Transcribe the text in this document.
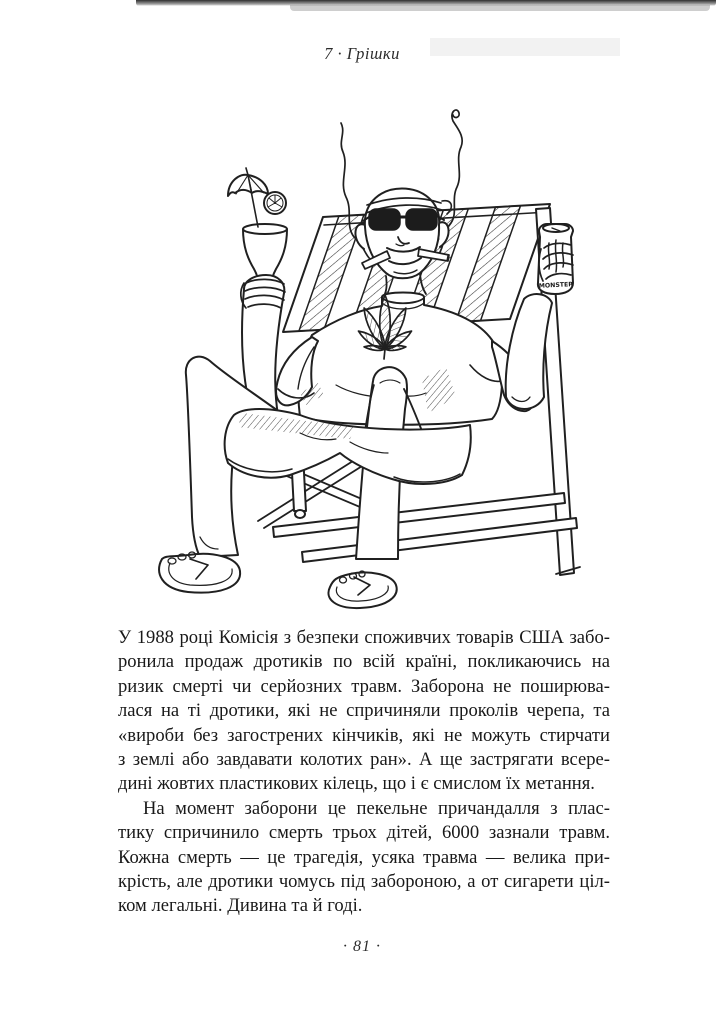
7 · Грішки
MONSTER
У 1988 році Комісія з безпеки споживчих товарів США забо-
ронила продаж дротиків по всій країні, покликаючись на
ризик смерті чи серйозних травм. Заборона не поширюва-
лася на ті дротики, які не спричиняли проколів черепа, та
«вироби без загострених кінчиків, які не можуть стирчати
з землі або завдавати колотих ран». А ще застрягати всере-
дині жовтих пластикових кілець, що і є смислом їх метання.
На момент заборони це пекельне причандалля з плас-
тику спричинило смерть трьох дітей, 6000 зазнали травм.
Кожна смерть — це трагедія, усяка травма — велика при-
крість, але дротики чомусь під забороною, а от сигарети ціл-
ком легальні. Дивина та й годі.
· 81 ·
